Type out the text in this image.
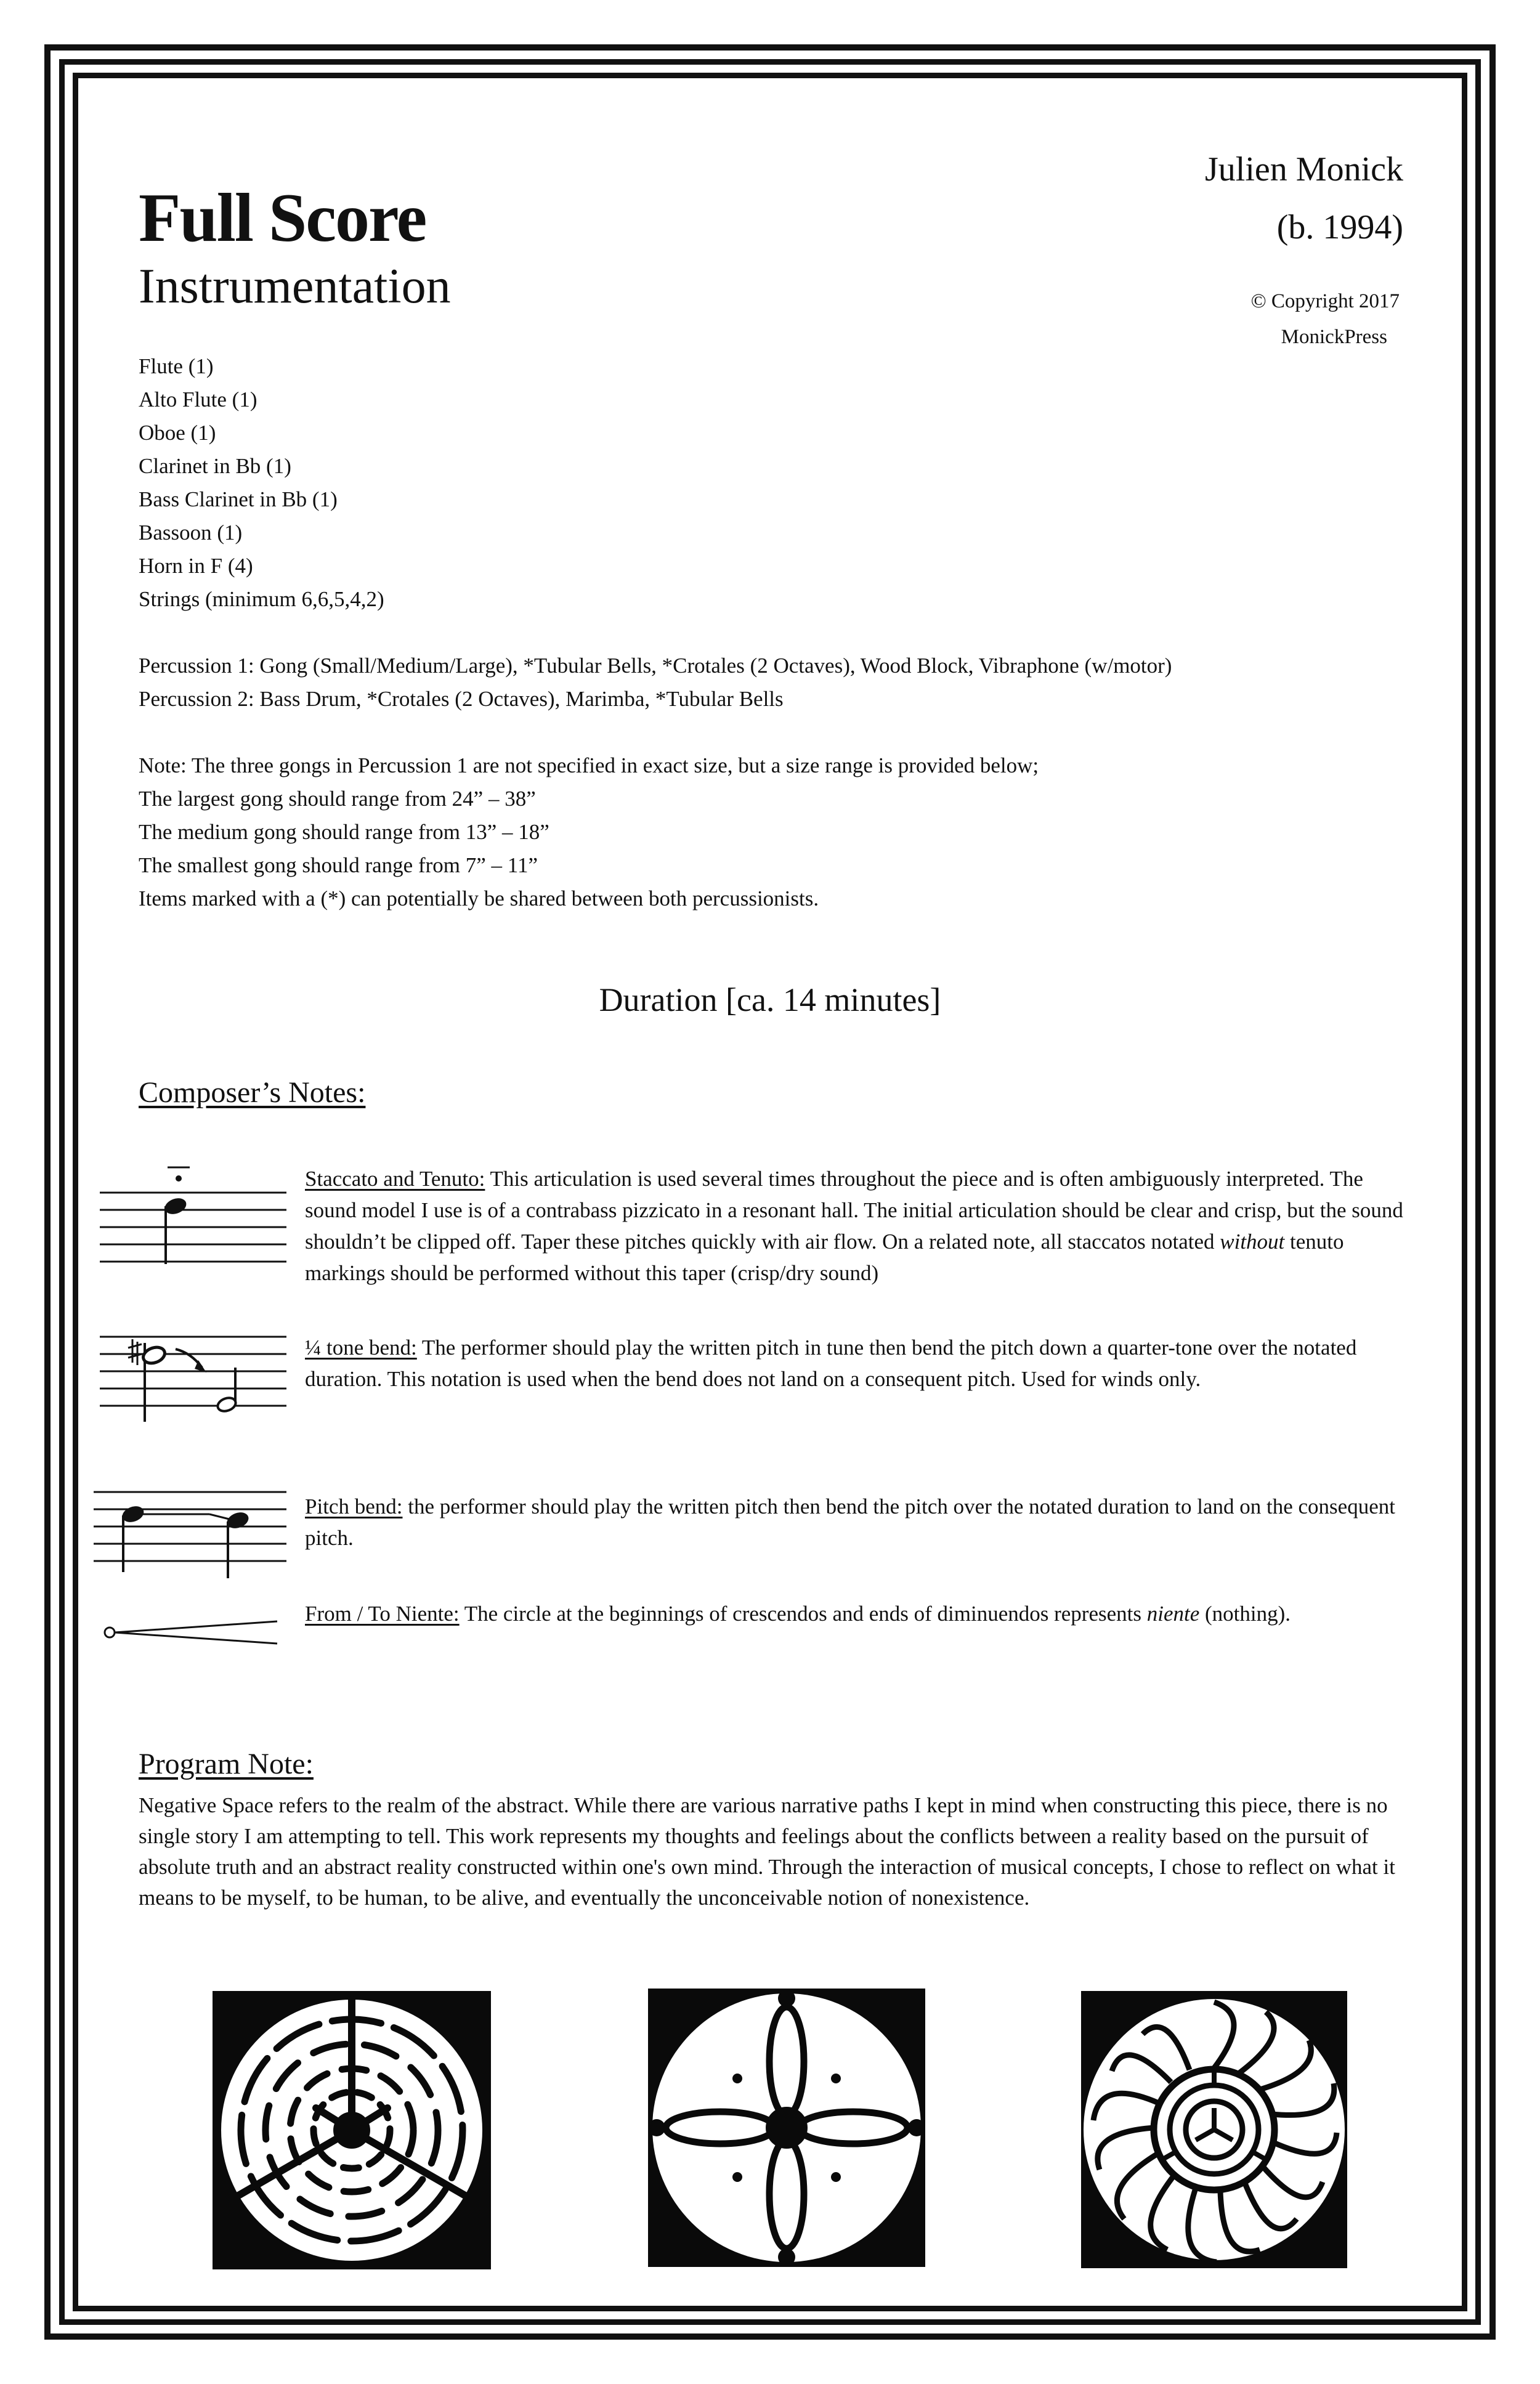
Full Score
Instrumentation
Julien Monick
(b. 1994)
© Copyright 2017
MonickPress
Flute (1)
Alto Flute (1)
Oboe (1)
Clarinet in Bb (1)
Bass Clarinet in Bb (1)
Bassoon (1)
Horn in F (4)
Strings (minimum 6,6,5,4,2)
Percussion 1: Gong (Small/Medium/Large), *Tubular Bells, *Crotales (2 Octaves), Wood Block, Vibraphone (w/motor)
Percussion 2: Bass Drum, *Crotales (2 Octaves), Marimba, *Tubular Bells
Note: The three gongs in Percussion 1 are not specified in exact size, but a size range is provided below;
The largest gong should range from 24” – 38”
The medium gong should range from 13” – 18”
The smallest gong should range from 7” – 11”
Items marked with a (*) can potentially be shared between both percussionists.
Duration [ca. 14 minutes]
Composer’s Notes:
Staccato and Tenuto: This articulation is used several times throughout the piece and is often ambiguously interpreted. The sound model I use is of a contrabass pizzicato in a resonant hall. The initial articulation should be clear and crisp, but the sound shouldn’t be clipped off. Taper these pitches quickly with air flow. On a related note, all staccatos notated without tenuto markings should be performed without this taper (crisp/dry sound)
¼ tone bend: The performer should play the written pitch in tune then bend the pitch down a quarter-tone over the notated duration. This notation is used when the bend does not land on a consequent pitch. Used for winds only.
Pitch bend: the performer should play the written pitch then bend the pitch over the notated duration to land on the consequent pitch.
From / To Niente: The circle at the beginnings of crescendos and ends of diminuendos represents niente (nothing).
Program Note:
Negative Space refers to the realm of the abstract. While there are various narrative paths I kept in mind when constructing this piece, there is no single story I am attempting to tell. This work represents my thoughts and feelings about the conflicts between a reality based on the pursuit of absolute truth and an abstract reality constructed within one's own mind. Through the interaction of musical concepts, I chose to reflect on what it means to be myself, to be human, to be alive, and eventually the unconceivable notion of nonexistence.
